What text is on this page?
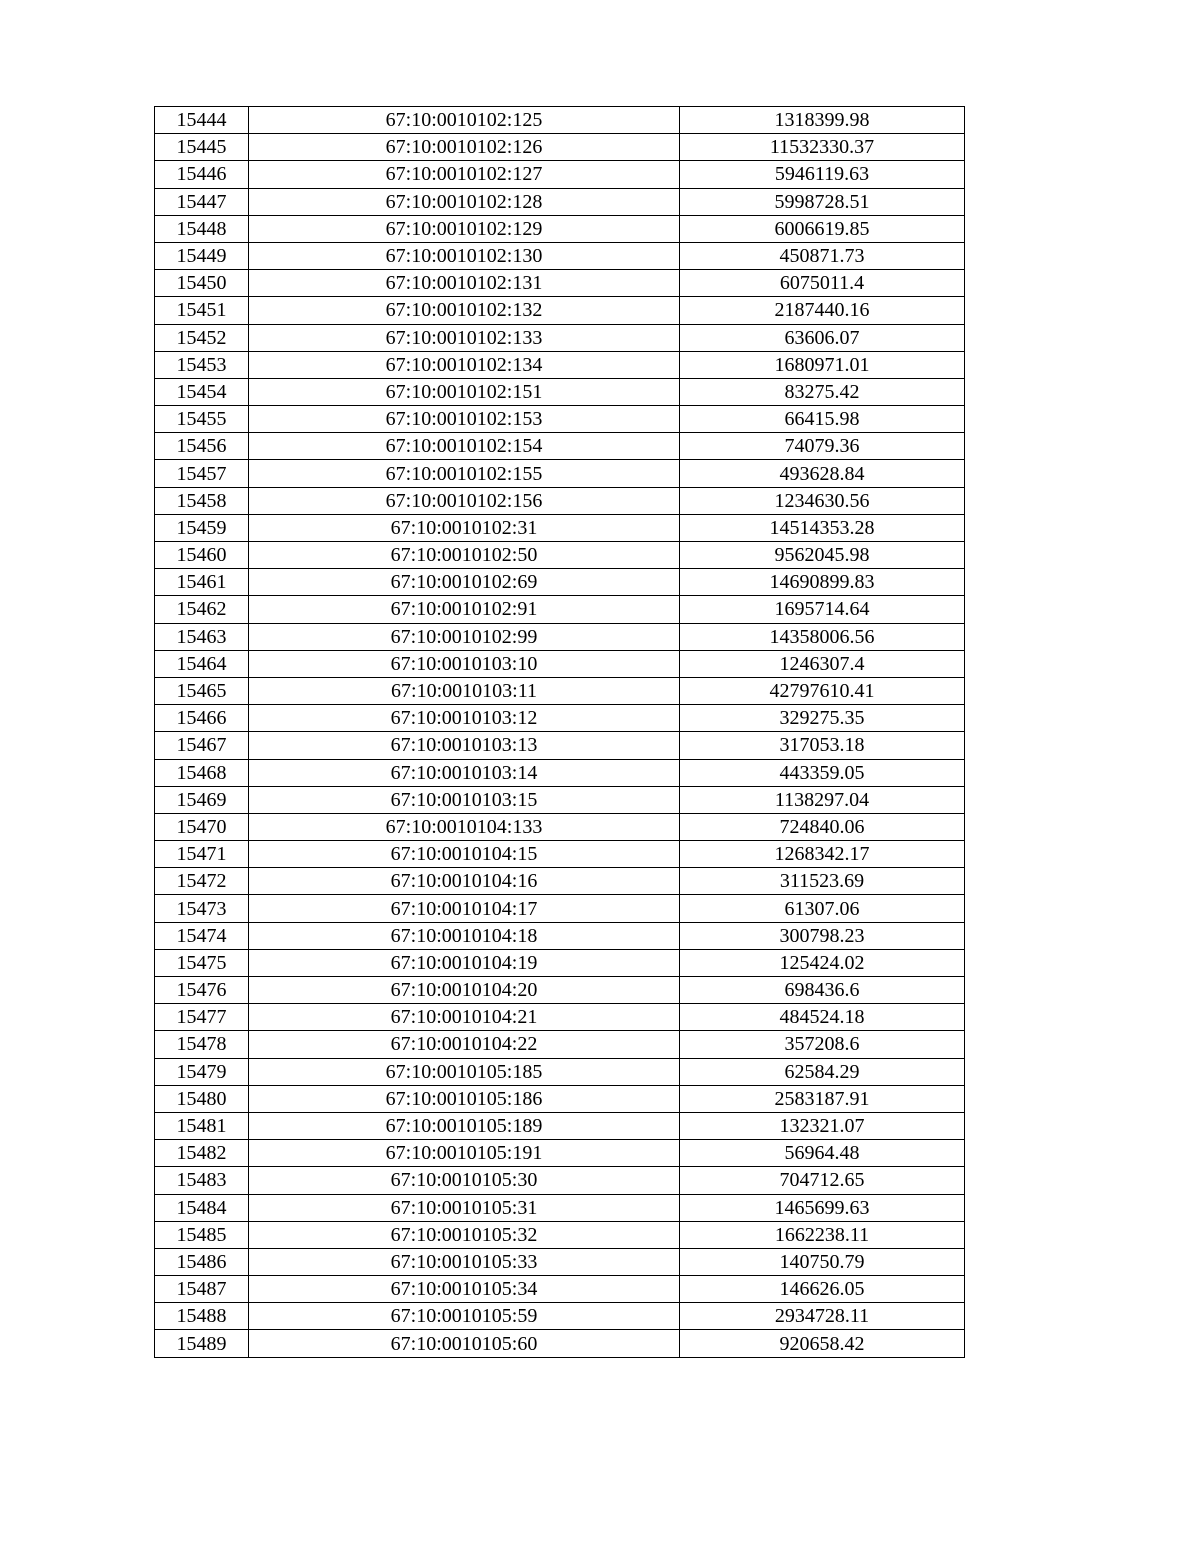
15444	67:10:0010102:125	1318399.98
15445	67:10:0010102:126	11532330.37
15446	67:10:0010102:127	5946119.63
15447	67:10:0010102:128	5998728.51
15448	67:10:0010102:129	6006619.85
15449	67:10:0010102:130	450871.73
15450	67:10:0010102:131	6075011.4
15451	67:10:0010102:132	2187440.16
15452	67:10:0010102:133	63606.07
15453	67:10:0010102:134	1680971.01
15454	67:10:0010102:151	83275.42
15455	67:10:0010102:153	66415.98
15456	67:10:0010102:154	74079.36
15457	67:10:0010102:155	493628.84
15458	67:10:0010102:156	1234630.56
15459	67:10:0010102:31	14514353.28
15460	67:10:0010102:50	9562045.98
15461	67:10:0010102:69	14690899.83
15462	67:10:0010102:91	1695714.64
15463	67:10:0010102:99	14358006.56
15464	67:10:0010103:10	1246307.4
15465	67:10:0010103:11	42797610.41
15466	67:10:0010103:12	329275.35
15467	67:10:0010103:13	317053.18
15468	67:10:0010103:14	443359.05
15469	67:10:0010103:15	1138297.04
15470	67:10:0010104:133	724840.06
15471	67:10:0010104:15	1268342.17
15472	67:10:0010104:16	311523.69
15473	67:10:0010104:17	61307.06
15474	67:10:0010104:18	300798.23
15475	67:10:0010104:19	125424.02
15476	67:10:0010104:20	698436.6
15477	67:10:0010104:21	484524.18
15478	67:10:0010104:22	357208.6
15479	67:10:0010105:185	62584.29
15480	67:10:0010105:186	2583187.91
15481	67:10:0010105:189	132321.07
15482	67:10:0010105:191	56964.48
15483	67:10:0010105:30	704712.65
15484	67:10:0010105:31	1465699.63
15485	67:10:0010105:32	1662238.11
15486	67:10:0010105:33	140750.79
15487	67:10:0010105:34	146626.05
15488	67:10:0010105:59	2934728.11
15489	67:10:0010105:60	920658.42
